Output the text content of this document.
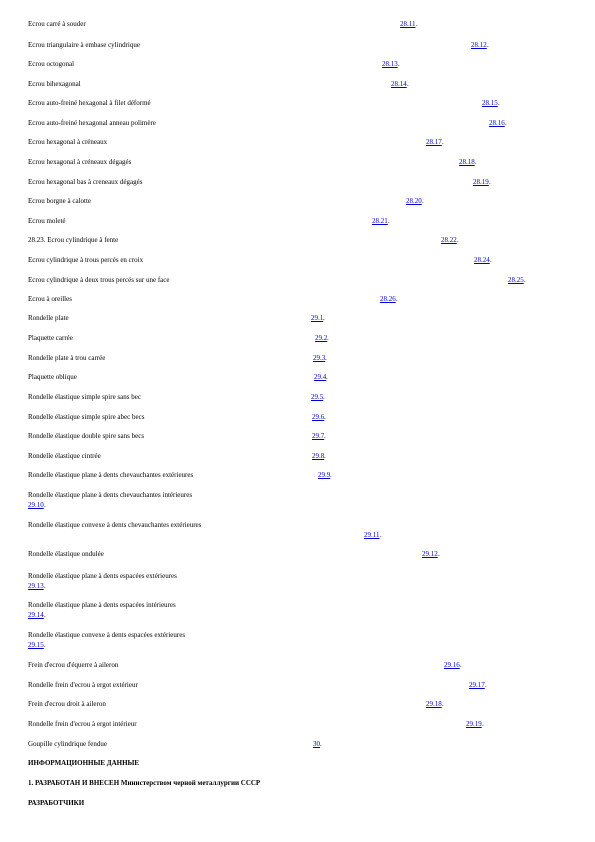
Ecrou carré à souder	28.11 .
Ecrou triangulaire à embase cylindrique	28.12 .
Ecrou octogonal	28.13 .
Ecrou bihexagonal	28.14 .
Ecrou auto-freiné hexagonal à filet déformé	28.15 .
Ecrou auto-freiné hexagonal anneau polimère	28.16 .
Ecrou hexagonal à créneaux	28.17 .
Ecrou hexagonal à créneaux dégagés	28.18 .
Ecrou hexagonal bas à creneaux dégagés	28.19 .
Ecrou borgne à calotte	28.20 .
Ecrou moleté	28.21 .
28.23. Ecrou cylindrique à fente	28.22 .
Ecrou cylindrique à trous percés en croix	28.24 .
Ecrou cylindrique à deux trous percés sur une face	28.25 .
Ecrou à oreilles	28.26 .
Rondelle plate	29.1 .
Plaquette carrée	29.2 .
Rondelle plate à trou carrée	29.3 .
Plaquette oblique	29.4 .
Rondelle élastique simple spire sans bec	29.5 .
Rondelle élastique simple spire abec becs	29.6 .
Rondelle élastique double spire sans becs	29.7 .
Rondelle élastique cintrée	29.8 .
Rondelle élastique plane à dents chevauchantes extérieures	29.9 .
Rondelle élastique plane à dents chevauchantes intérieures
29.10 .
Rondelle élastique convexe à dents chevauchantes extérieures
29.11 .
Rondelle élastique ondulée	29.12 .
Rondelle élastique plane à dents espacées extérieures
29.13 .
Rondelle élastique plane à dents espacées intérieures
29.14 .
Rondelle élastique convexe à dents espacées extérieures
29.15 .
Frein d'ecrou d'équerre à aileron	29.16 .
Rondelle frein d'ecrou à ergot extérieur	29.17 .
Frein d'ecrou droit à aileron	29.18 .
Rondelle frein d'ecrou à ergot intérieur	29.19 .
Goupille cylindrique fendue	30 .
ИНФОРМАЦИОННЫЕ ДАННЫЕ
1. РАЗРАБОТАН И ВНЕСЕН Министерством черной металлургии СССР
РАЗРАБОТЧИКИ
